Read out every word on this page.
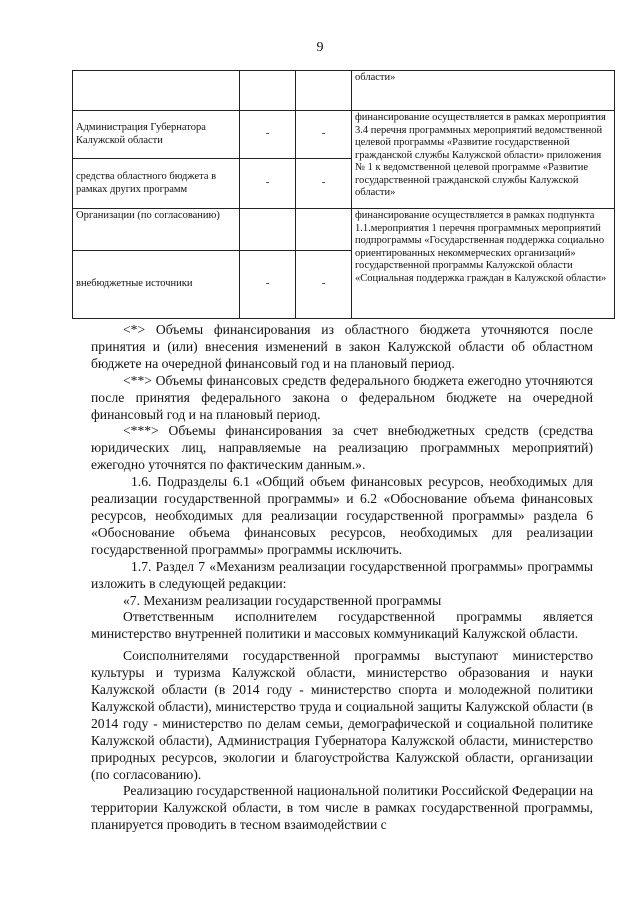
9
			области»
Администрация Губернатора Калужской области	-	-	финансирование осуществляется в рамках мероприятия 3.4 перечня программных мероприятий ведомственной целевой программы «Развитие государственной гражданской службы Калужской области» приложения № 1 к ведомственной целевой программе «Развитие государственной гражданской службы Калужской области»
средства областного бюджета в рамках других программ	-	-	
Организации (по согласованию)			финансирование осуществляется в рамках подпункта 1.1.мероприятия 1 перечня программных мероприятий подпрограммы «Государственная поддержка социально ориентированных некоммерческих организаций» государственной программы Калужской области «Социальная поддержка граждан в Калужской области»
внебюджетные источники	-	-	

<*> Объемы финансирования из областного бюджета уточняются после принятия и (или) внесения изменений в закон Калужской области об областном бюджете на очередной финансовый год и на плановый период.

<**> Объемы финансовых средств федерального бюджета ежегодно уточняются после принятия федерального закона о федеральном бюджете на очередной финансовый год и на плановый период.

<***> Объемы финансирования за счет внебюджетных средств (средства юридических лиц, направляемые на реализацию программных мероприятий) ежегодно уточнятся по фактическим данным.».

1.6. Подразделы 6.1 «Общий объем финансовых ресурсов, необходимых для реализации государственной программы» и 6.2 «Обоснование объема финансовых ресурсов, необходимых для реализации государственной программы» раздела 6 «Обоснование объема финансовых ресурсов, необходимых для реализации государственной программы» программы исключить.

1.7. Раздел 7 «Механизм реализации государственной программы» программы изложить в следующей редакции:

«7. Механизм реализации государственной программы

Ответственным исполнителем государственной программы является министерство внутренней политики и массовых коммуникаций Калужской области.

Соисполнителями государственной программы выступают министерство культуры и туризма Калужской области, министерство образования и науки Калужской области (в 2014 году - министерство спорта и молодежной политики Калужской области), министерство труда и социальной защиты Калужской области (в 2014 году - министерство по делам семьи, демографической и социальной политике Калужской области), Администрация Губернатора Калужской области, министерство природных ресурсов, экологии и благоустройства Калужской области, организации (по согласованию).

Реализацию государственной национальной политики Российской Федерации на территории Калужской области, в том числе в рамках государственной программы, планируется проводить в тесном взаимодействии с
